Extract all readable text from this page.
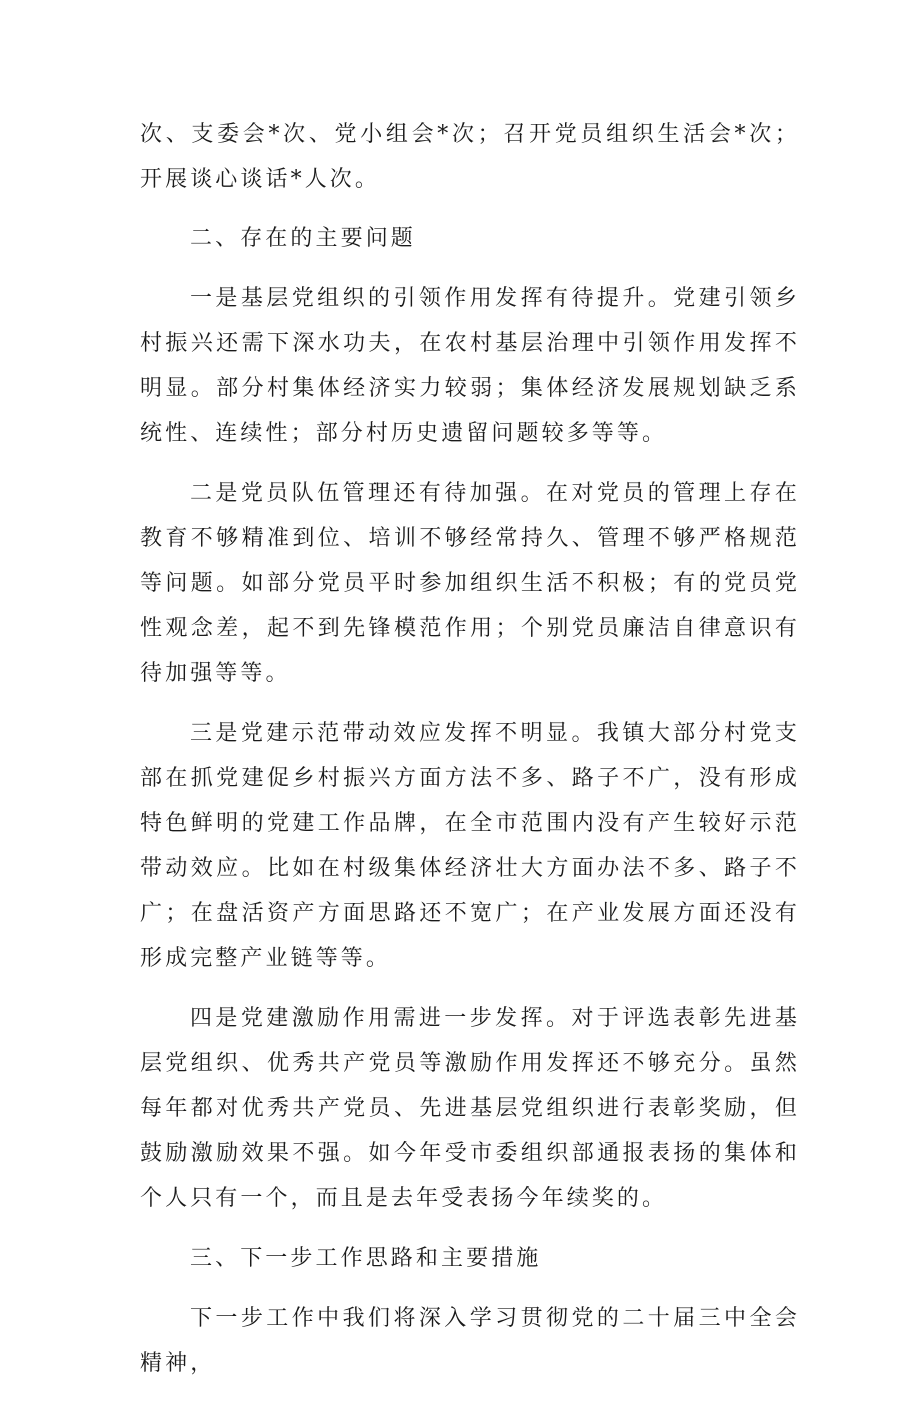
次、支委会*次、党小组会*次；召开党员组织生活会*次；开展谈心谈话*人次。

二、存在的主要问题

一是基层党组织的引领作用发挥有待提升。党建引领乡村振兴还需下深水功夫，在农村基层治理中引领作用发挥不明显。部分村集体经济实力较弱；集体经济发展规划缺乏系统性、连续性；部分村历史遗留问题较多等等。

二是党员队伍管理还有待加强。在对党员的管理上存在教育不够精准到位、培训不够经常持久、管理不够严格规范等问题。如部分党员平时参加组织生活不积极；有的党员党性观念差，起不到先锋模范作用；个别党员廉洁自律意识有待加强等等。

三是党建示范带动效应发挥不明显。我镇大部分村党支部在抓党建促乡村振兴方面方法不多、路子不广，没有形成特色鲜明的党建工作品牌，在全市范围内没有产生较好示范带动效应。比如在村级集体经济壮大方面办法不多、路子不广；在盘活资产方面思路还不宽广；在产业发展方面还没有形成完整产业链等等。

四是党建激励作用需进一步发挥。对于评选表彰先进基层党组织、优秀共产党员等激励作用发挥还不够充分。虽然每年都对优秀共产党员、先进基层党组织进行表彰奖励，但鼓励激励效果不强。如今年受市委组织部通报表扬的集体和个人只有一个，而且是去年受表扬今年续奖的。

三、下一步工作思路和主要措施

下一步工作中我们将深入学习贯彻党的二十届三中全会精神，
